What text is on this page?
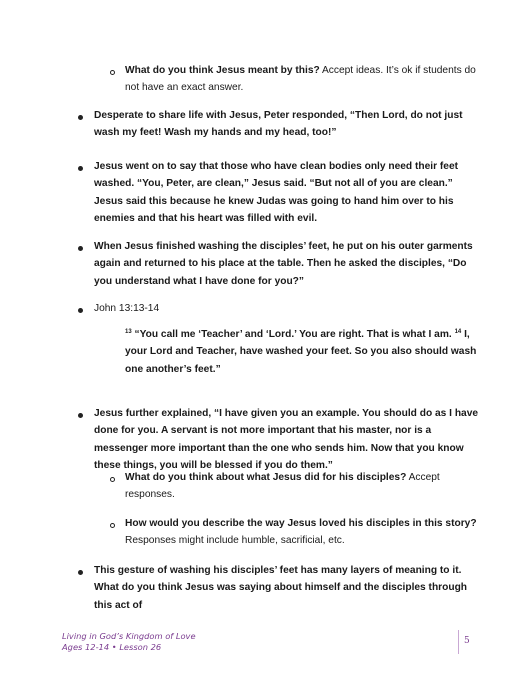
What do you think Jesus meant by this? Accept ideas. It’s ok if students do not have an exact answer.
Desperate to share life with Jesus, Peter responded, “Then Lord, do not just wash my feet! Wash my hands and my head, too!”
Jesus went on to say that those who have clean bodies only need their feet washed. “You, Peter, are clean,” Jesus said. “But not all of you are clean.” Jesus said this because he knew Judas was going to hand him over to his enemies and that his heart was filled with evil.
When Jesus finished washing the disciples’ feet, he put on his outer garments again and returned to his place at the table. Then he asked the disciples, “Do you understand what I have done for you?”
John 13:13-14
$^{13}$ “You call me ‘Teacher’ and ‘Lord.’ You are right. That is what I am. $^{14}$ I, your Lord and Teacher, have washed your feet. So you also should wash one another’s feet.”
Jesus further explained, “I have given you an example. You should do as I have done for you. A servant is not more important that his master, nor is a messenger more important than the one who sends him. Now that you know these things, you will be blessed if you do them.”
What do you think about what Jesus did for his disciples? Accept responses.
How would you describe the way Jesus loved his disciples in this story? Responses might include humble, sacrificial, etc.
This gesture of washing his disciples’ feet has many layers of meaning to it. What do you think Jesus was saying about himself and the disciples through this act of
Living in God’s Kingdom of Love
Ages 12-14 • Lesson 26
5
